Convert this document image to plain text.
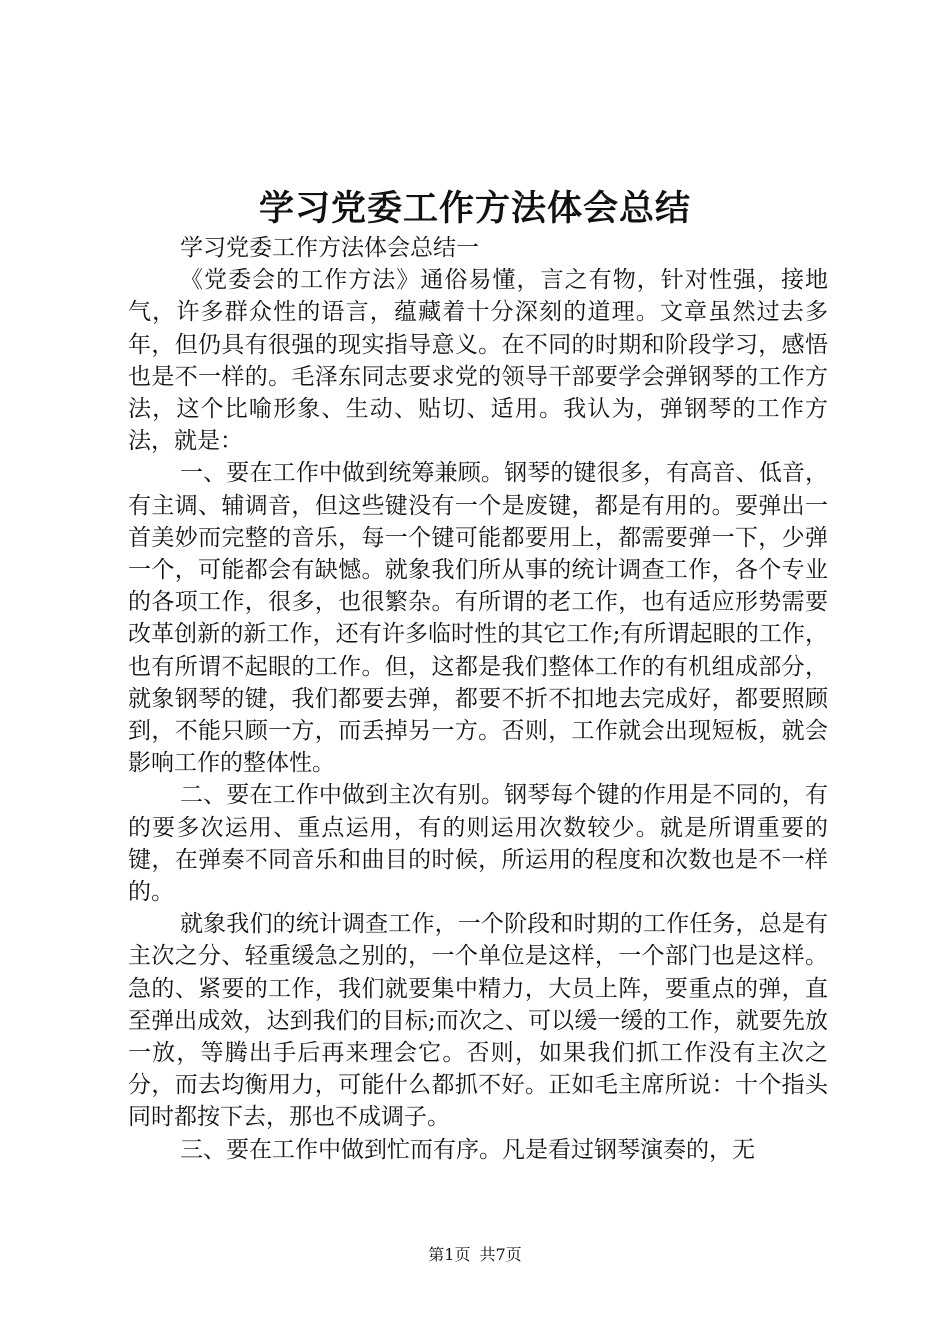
学习党委工作方法体会总结

学习党委工作方法体会总结一

《党委会的工作方法》通俗易懂，言之有物，针对性强，接地气，许多群众性的语言，蕴藏着十分深刻的道理。文章虽然过去多年，但仍具有很强的现实指导意义。在不同的时期和阶段学习，感悟也是不一样的。毛泽东同志要求党的领导干部要学会弹钢琴的工作方法，这个比喻形象、生动、贴切、适用。我认为，弹钢琴的工作方法，就是：

一、要在工作中做到统筹兼顾。钢琴的键很多，有高音、低音，有主调、辅调音，但这些键没有一个是废键，都是有用的。要弹出一首美妙而完整的音乐，每一个键可能都要用上，都需要弹一下，少弹一个，可能都会有缺憾。就象我们所从事的统计调查工作，各个专业的各项工作，很多，也很繁杂。有所谓的老工作，也有适应形势需要改革创新的新工作，还有许多临时性的其它工作;有所谓起眼的工作，也有所谓不起眼的工作。但，这都是我们整体工作的有机组成部分，就象钢琴的键，我们都要去弹，都要不折不扣地去完成好，都要照顾到，不能只顾一方，而丢掉另一方。否则，工作就会出现短板，就会影响工作的整体性。

二、要在工作中做到主次有别。钢琴每个键的作用是不同的，有的要多次运用、重点运用，有的则运用次数较少。就是所谓重要的键，在弹奏不同音乐和曲目的时候，所运用的程度和次数也是不一样的。

就象我们的统计调查工作，一个阶段和时期的工作任务，总是有主次之分、轻重缓急之别的，一个单位是这样，一个部门也是这样。急的、紧要的工作，我们就要集中精力，大员上阵，要重点的弹，直至弹出成效，达到我们的目标;而次之、可以缓一缓的工作，就要先放一放，等腾出手后再来理会它。否则，如果我们抓工作没有主次之分，而去均衡用力，可能什么都抓不好。正如毛主席所说：十个指头同时都按下去，那也不成调子。

三、要在工作中做到忙而有序。凡是看过钢琴演奏的，无

第1页 共7页
